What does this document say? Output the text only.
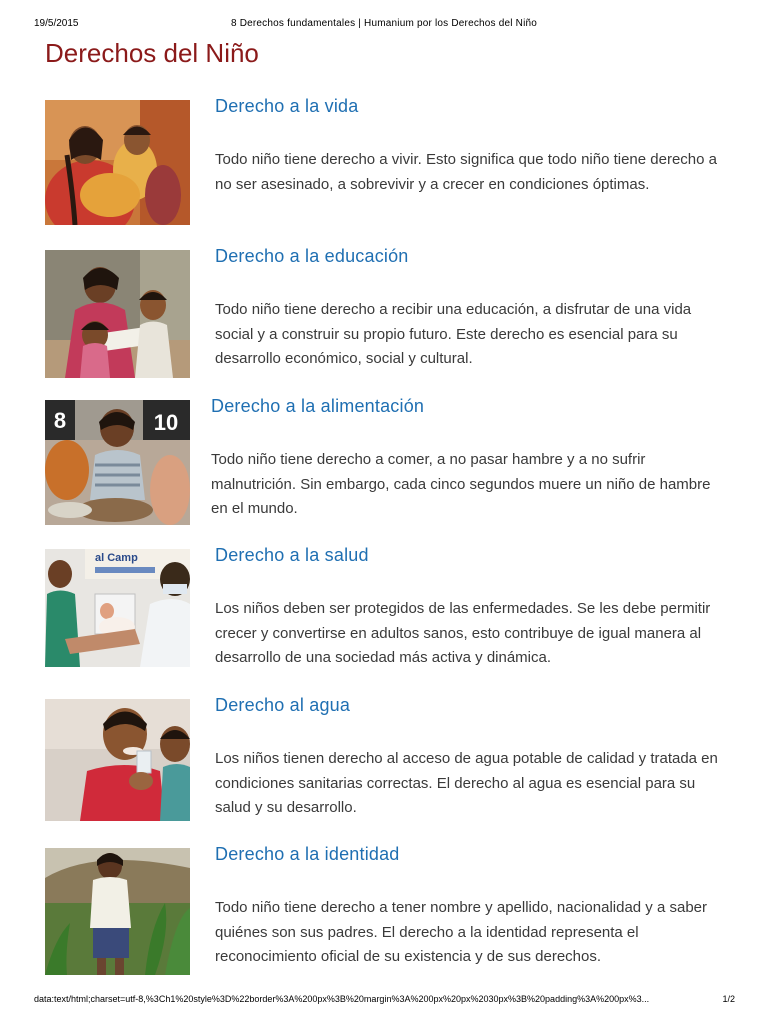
19/5/2015	8 Derechos fundamentales | Humanium por los Derechos del Niño
Derechos del Niño
Derecho a la vida

Todo niño tiene derecho a vivir. Esto significa que todo niño tiene derecho a no ser asesinado, a sobrevivir y a crecer en condiciones óptimas.

Derecho a la educación

Todo niño tiene derecho a recibir una educación, a disfrutar de una vida social y a construir su propio futuro. Este derecho es esencial para su desarrollo económico, social y cultural.

8	10
Derecho a la alimentación

Todo niño tiene derecho a comer, a no pasar hambre y a no sufrir malnutrición. Sin embargo, cada cinco segundos muere un niño de hambre en el mundo.

al Camp	Derecho a la salud

Los niños deben ser protegidos de las enfermedades. Se les debe permitir crecer y convertirse en adultos sanos, esto contribuye de igual manera al desarrollo de una sociedad más activa y dinámica.

Derecho al agua

Los niños tienen derecho al acceso de agua potable de calidad y tratada en condiciones sanitarias correctas. El derecho al agua es esencial para su salud y su desarrollo.

Derecho a la identidad

Todo niño tiene derecho a tener nombre y apellido, nacionalidad y a saber quiénes son sus padres. El derecho a la identidad representa el reconocimiento oficial de su existencia y de sus derechos.

data:text/html;charset=utf-8,%3Ch1%20style%3D%22border%3A%200px%3B%20margin%3A%200px%20px%2030px%3B%20padding%3A%200px%3...	1/2
